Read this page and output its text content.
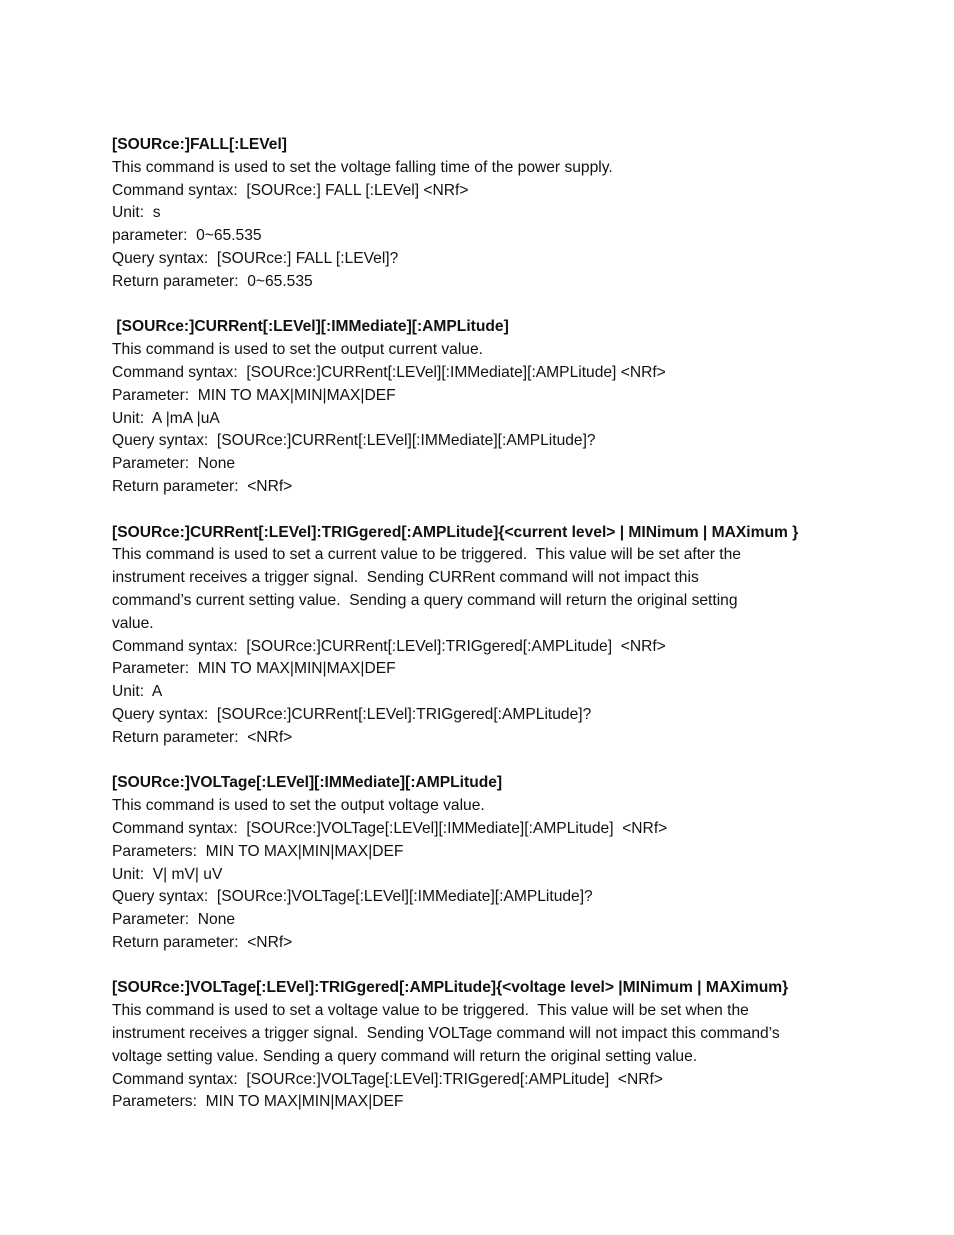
[SOURce:]FALL[:LEVel]

This command is used to set the voltage falling time of the power supply.

Command syntax:  [SOURce:] FALL [:LEVel] <NRf>

Unit:  s

parameter:  0~65.535

Query syntax:  [SOURce:] FALL [:LEVel]?

Return parameter:  0~65.535

[SOURce:]CURRent[:LEVel][:IMMediate][:AMPLitude]

This command is used to set the output current value.

Command syntax:  [SOURce:]CURRent[:LEVel][:IMMediate][:AMPLitude] <NRf>

Parameter:  MIN TO MAX|MIN|MAX|DEF

Unit:  A |mA |uA

Query syntax:  [SOURce:]CURRent[:LEVel][:IMMediate][:AMPLitude]?

Parameter:  None

Return parameter:  <NRf>

[SOURce:]CURRent[:LEVel]:TRIGgered[:AMPLitude]{<current level> | MINimum | MAXimum }

This command is used to set a current value to be triggered.  This value will be set after the

instrument receives a trigger signal.  Sending CURRent command will not impact this

command’s current setting value.  Sending a query command will return the original setting

value.

Command syntax:  [SOURce:]CURRent[:LEVel]:TRIGgered[:AMPLitude]  <NRf>

Parameter:  MIN TO MAX|MIN|MAX|DEF

Unit:  A

Query syntax:  [SOURce:]CURRent[:LEVel]:TRIGgered[:AMPLitude]?

Return parameter:  <NRf>

[SOURce:]VOLTage[:LEVel][:IMMediate][:AMPLitude]

This command is used to set the output voltage value.

Command syntax:  [SOURce:]VOLTage[:LEVel][:IMMediate][:AMPLitude]  <NRf>

Parameters:  MIN TO MAX|MIN|MAX|DEF

Unit:  V| mV| uV

Query syntax:  [SOURce:]VOLTage[:LEVel][:IMMediate][:AMPLitude]?

Parameter:  None

Return parameter:  <NRf>

[SOURce:]VOLTage[:LEVel]:TRIGgered[:AMPLitude]{<voltage level> |MINimum | MAXimum}

This command is used to set a voltage value to be triggered.  This value will be set when the

instrument receives a trigger signal.  Sending VOLTage command will not impact this command’s

voltage setting value. Sending a query command will return the original setting value.

Command syntax:  [SOURce:]VOLTage[:LEVel]:TRIGgered[:AMPLitude]  <NRf>

Parameters:  MIN TO MAX|MIN|MAX|DEF
